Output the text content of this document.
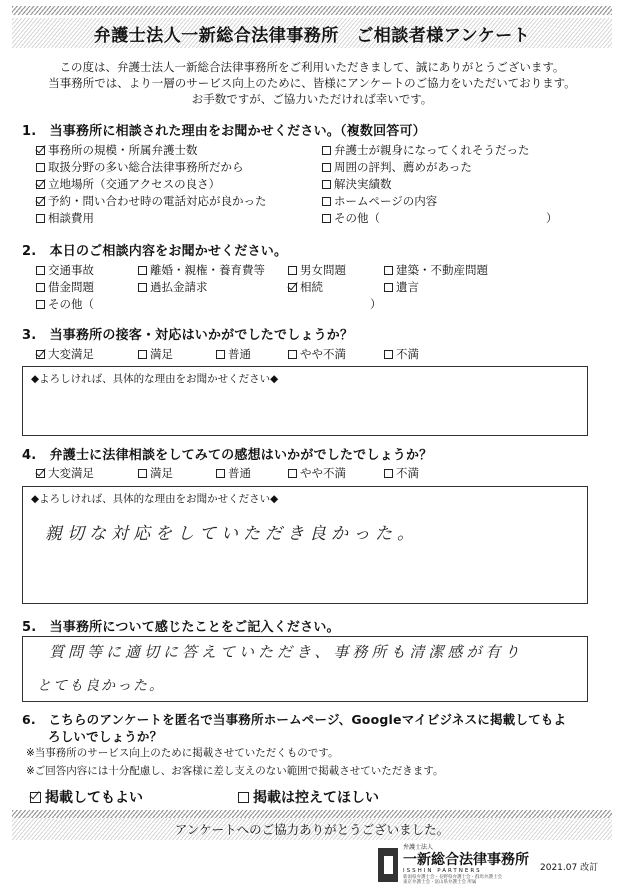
弁護士法人一新総合法律事務所　ご相談者様アンケート
この度は、弁護士法人一新総合法律事務所をご利用いただきまして、誠にありがとうございます。
当事務所では、より一層のサービス向上のために、皆様にアンケートのご協力をいただいております。
お手数ですが、ご協力いただければ幸いです。
1.　当事務所に相談された理由をお聞かせください。（複数回答可）
事務所の規模・所属弁護士数
取扱分野の多い総合法律事務所だから
立地場所（交通アクセスの良さ）
予約・問い合わせ時の電話対応が良かった
相談費用
弁護士が親身になってくれそうだった
周囲の評判、薦めがあった
解決実績数
ホームページの内容
その他（	）
2.　本日のご相談内容をお聞かせください。
交通事故	離婚・親権・養育費等	男女問題	建築・不動産問題
借金問題	過払金請求	相続	遺言
その他（	）
3.　当事務所の接客・対応はいかがでしたでしょうか？
大変満足	満足	普通	やや不満	不満
◆よろしければ、具体的な理由をお聞かせください◆
4.　弁護士に法律相談をしてみての感想はいかがでしたでしょうか？
大変満足	満足	普通	やや不満	不満
◆よろしければ、具体的な理由をお聞かせください◆
親切な対応をしていただき良かった。
5.　当事務所について感じたことをご記入ください。
質問等に適切に答えていただき、事務所も清潔感が有り
とても良かった。
6.　こちらのアンケートを匿名で当事務所ホームページ、Googleマイビジネスに掲載してもよ
ろしいでしょうか？
※当事務所のサービス向上のために掲載させていただくものです。
※ご回答内容には十分配慮し、お客様に差し支えのない範囲で掲載させていただきます。
掲載してもよい	掲載は控えてほしい
アンケートへのご協力ありがとうございました。
弁護士法人
一新総合法律事務所
ISSHIN PARTNERS
新潟県弁護士会・長野県弁護士会・群馬弁護士会
東京弁護士会・富山県弁護士会 所属
2021.07 改訂
